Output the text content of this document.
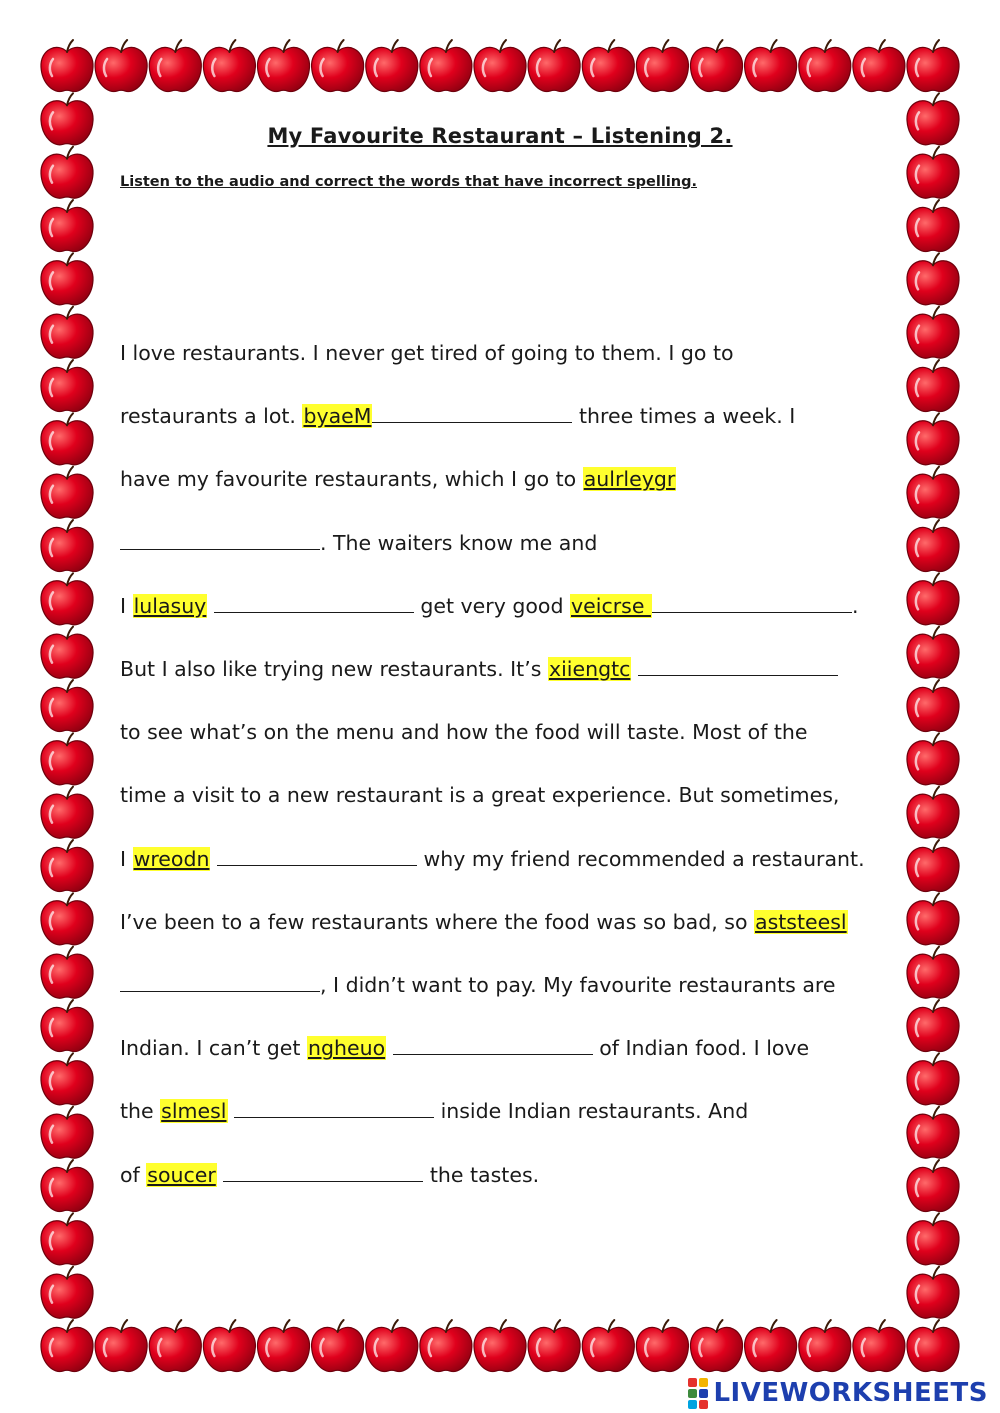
My Favourite Restaurant – Listening 2.
Listen to the audio and correct the words that have incorrect spelling.
I love restaurants. I never get tired of going to them. I go to
restaurants a lot. byaeM	three times a week. I
have my favourite restaurants, which I go to aulrleygr
. The waiters know me and
I lulasuy	get very good veicrse	.
But I also like trying new restaurants. It’s xiiengtc
to see what’s on the menu and how the food will taste. Most of the
time a visit to a new restaurant is a great experience. But sometimes,
I wreodn	why my friend recommended a restaurant.
I’ve been to a few restaurants where the food was so bad, so aststeesl
, I didn’t want to pay. My favourite restaurants are
Indian. I can’t get ngheuo	of Indian food. I love
the slmesl	inside Indian restaurants. And
of soucer	the tastes.
LIVEWORKSHEETS
